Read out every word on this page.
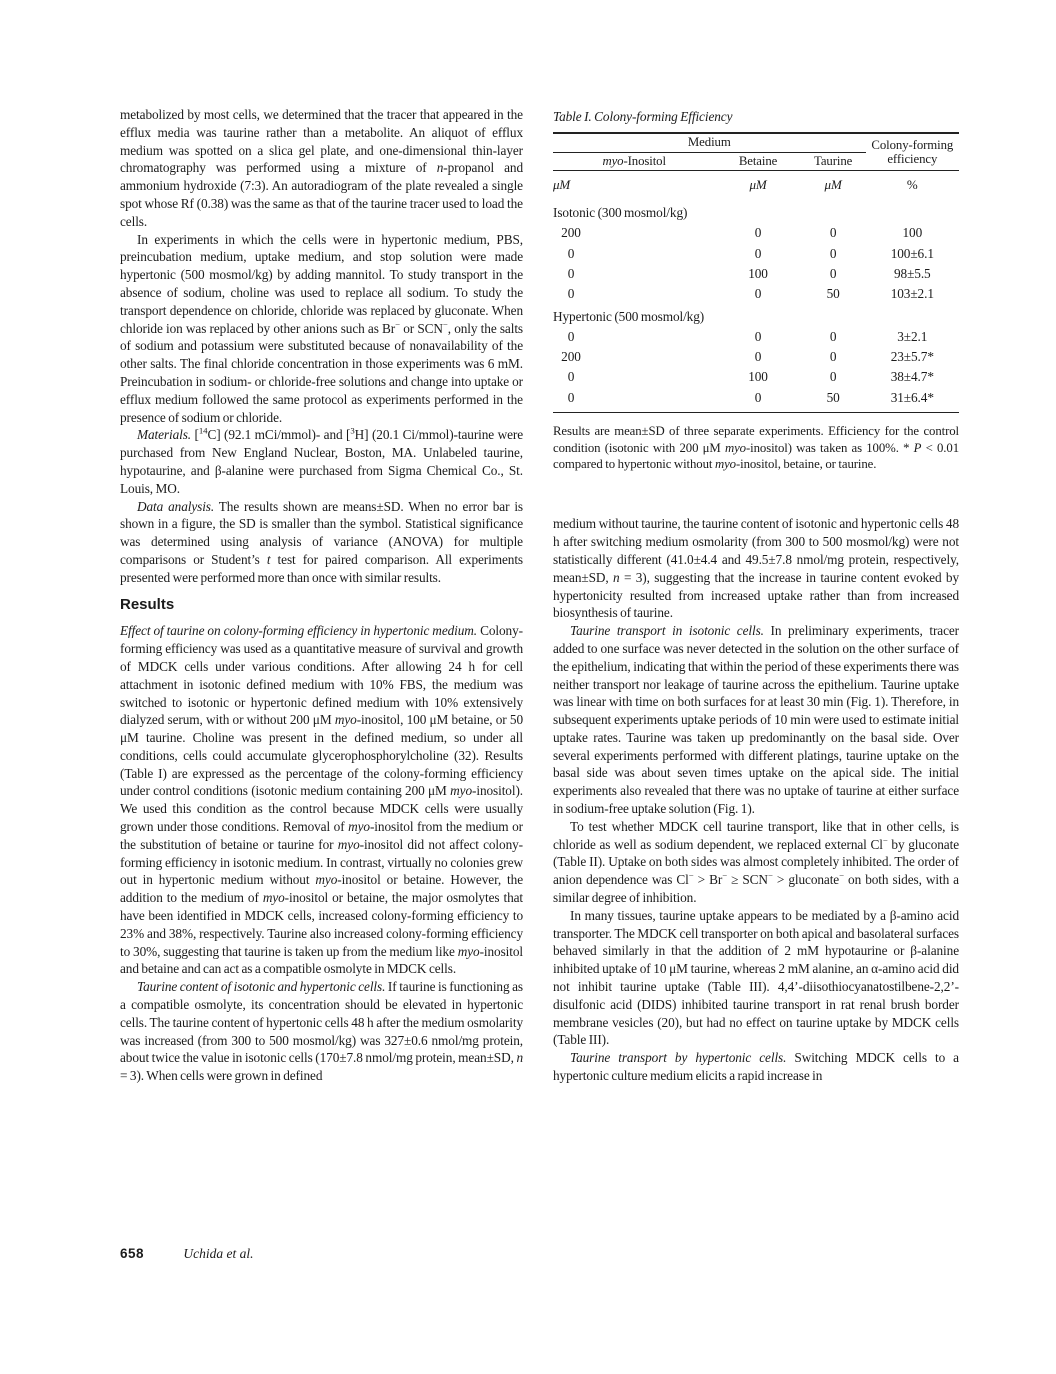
metabolized by most cells, we determined that the tracer that appeared in the efflux media was taurine rather than a metabolite. An aliquot of efflux medium was spotted on a slica gel plate, and one-dimensional thin-layer chromatography was performed using a mixture of n-propanol and ammonium hydroxide (7:3). An autoradiogram of the plate revealed a single spot whose Rf (0.38) was the same as that of the taurine tracer used to load the cells.

In experiments in which the cells were in hypertonic medium, PBS, preincubation medium, uptake medium, and stop solution were made hypertonic (500 mosmol/kg) by adding mannitol. To study transport in the absence of sodium, choline was used to replace all sodium. To study the transport dependence on chloride, chloride was replaced by gluconate. When chloride ion was replaced by other anions such as Br− or SCN−, only the salts of sodium and potassium were substituted because of nonavailability of the other salts. The final chloride concentration in those experiments was 6 mM. Preincubation in sodium- or chloride-free solutions and change into uptake or efflux medium followed the same protocol as experiments performed in the presence of sodium or chloride.

Materials. [$^{14}$C] (92.1 mCi/mmol)- and [$^3$H] (20.1 Ci/mmol)-taurine were purchased from New England Nuclear, Boston, MA. Unlabeled taurine, hypotaurine, and β-alanine were purchased from Sigma Chemical Co., St. Louis, MO.

Data analysis. The results shown are means±SD. When no error bar is shown in a figure, the SD is smaller than the symbol. Statistical significance was determined using analysis of variance (ANOVA) for multiple comparisons or Student’s t test for paired comparison. All experiments presented were performed more than once with similar results.

Results

Effect of taurine on colony-forming efficiency in hypertonic medium. Colony-forming efficiency was used as a quantitative measure of survival and growth of MDCK cells under various conditions. After allowing 24 h for cell attachment in isotonic defined medium with 10% FBS, the medium was switched to isotonic or hypertonic defined medium with 10% extensively dialyzed serum, with or without 200 μM myo-inositol, 100 μM betaine, or 50 μM taurine. Choline was present in the defined medium, so under all conditions, cells could accumulate glycerophosphorylcholine (32). Results (Table I) are expressed as the percentage of the colony-forming efficiency under control conditions (isotonic medium containing 200 μM myo-inositol). We used this condition as the control because MDCK cells were usually grown under those conditions. Removal of myo-inositol from the medium or the substitution of betaine or taurine for myo-inositol did not affect colony-forming efficiency in isotonic medium. In contrast, virtually no colonies grew out in hypertonic medium without myo-inositol or betaine. However, the addition to the medium of myo-inositol or betaine, the major osmolytes that have been identified in MDCK cells, increased colony-forming efficiency to 23% and 38%, respectively. Taurine also increased colony-forming efficiency to 30%, suggesting that taurine is taken up from the medium like myo-inositol and betaine and can act as a compatible osmolyte in MDCK cells.

Taurine content of isotonic and hypertonic cells. If taurine is functioning as a compatible osmolyte, its concentration should be elevated in hypertonic cells. The taurine content of hypertonic cells 48 h after the medium osmolarity was increased (from 300 to 500 mosmol/kg) was 327±0.6 nmol/mg protein, about twice the value in isotonic cells (170±7.8 nmol/mg protein, mean±SD, n = 3). When cells were grown in defined

Table I. Colony-forming Efficiency
Medium			Colony-forming efficiency
myo-Inositol	Betaine	Taurine	
μM	μM	μM	%
Isotonic (300 mosmol/kg)			
200	0	0	100
0	0	0	100±6.1
0	100	0	98±5.5
0	0	50	103±2.1
Hypertonic (500 mosmol/kg)			
0	0	0	3±2.1
200	0	0	23±5.7*
0	100	0	38±4.7*
0	0	50	31±6.4*
Results are mean±SD of three separate experiments. Efficiency for the control condition (isotonic with 200 μM myo-inositol) was taken as 100%. * P < 0.01 compared to hypertonic without myo-inositol, betaine, or taurine.

medium without taurine, the taurine content of isotonic and hypertonic cells 48 h after switching medium osmolarity (from 300 to 500 mosmol/kg) were not statistically different (41.0±4.4 and 49.5±7.8 nmol/mg protein, respectively, mean±SD, n = 3), suggesting that the increase in taurine content evoked by hypertonicity resulted from increased uptake rather than from increased biosynthesis of taurine.

Taurine transport in isotonic cells. In preliminary experiments, tracer added to one surface was never detected in the solution on the other surface of the epithelium, indicating that within the period of these experiments there was neither transport nor leakage of taurine across the epithelium. Taurine uptake was linear with time on both surfaces for at least 30 min (Fig. 1). Therefore, in subsequent experiments uptake periods of 10 min were used to estimate initial uptake rates. Taurine was taken up predominantly on the basal side. Over several experiments performed with different platings, taurine uptake on the basal side was about seven times uptake on the apical side. The initial experiments also revealed that there was no uptake of taurine at either surface in sodium-free uptake solution (Fig. 1).

To test whether MDCK cell taurine transport, like that in other cells, is chloride as well as sodium dependent, we replaced external Cl− by gluconate (Table II). Uptake on both sides was almost completely inhibited. The order of anion dependence was Cl− > Br− ≥ SCN− > gluconate− on both sides, with a similar degree of inhibition.

In many tissues, taurine uptake appears to be mediated by a β-amino acid transporter. The MDCK cell transporter on both apical and basolateral surfaces behaved similarly in that the addition of 2 mM hypotaurine or β-alanine inhibited uptake of 10 μM taurine, whereas 2 mM alanine, an α-amino acid did not inhibit taurine uptake (Table III). 4,4’-diisothiocyanatostilbene-2,2’-disulfonic acid (DIDS) inhibited taurine transport in rat renal brush border membrane vesicles (20), but had no effect on taurine uptake by MDCK cells (Table III).

Taurine transport by hypertonic cells. Switching MDCK cells to a hypertonic culture medium elicits a rapid increase in

658	Uchida et al.
